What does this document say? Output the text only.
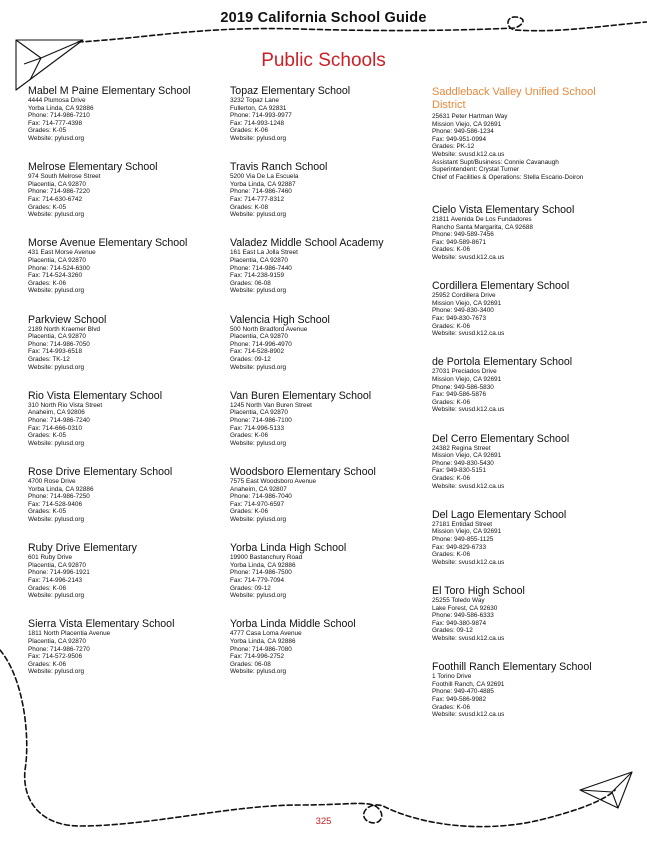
2019 California School Guide
Public Schools
Mabel M Paine Elementary School
4444 Plumosa Drive
Yorba Linda, CA 92886
Phone: 714-986-7210
Fax: 714-777-4398
Grades: K-05
Website: pylusd.org
Melrose Elementary School
974 South Melrose Street
Placentia, CA 92870
Phone: 714-986-7220
Fax: 714-630-6742
Grades: K-05
Website: pylusd.org
Morse Avenue Elementary School
431 East Morse Avenue
Placentia, CA 92870
Phone: 714-524-6300
Fax: 714-524-3260
Grades: K-06
Website: pylusd.org
Parkview School
2189 North Kraemer Blvd
Placentia, CA 92870
Phone: 714-986-7050
Fax: 714-993-6518
Grades: TK-12
Website: pylusd.org
Rio Vista Elementary School
310 North Rio Vista Street
Anaheim, CA 92806
Phone: 714-986-7240
Fax: 714-666-0310
Grades: K-05
Website: pylusd.org
Rose Drive Elementary School
4700 Rose Drive
Yorba Linda, CA 92886
Phone: 714-986-7250
Fax: 714-528-9406
Grades: K-05
Website: pylusd.org
Ruby Drive Elementary
601 Ruby Drive
Placentia, CA 92870
Phone: 714-996-1921
Fax: 714-996-2143
Grades: K-06
Website: pylusd.org
Sierra Vista Elementary School
1811 North Placentia Avenue
Placentia, CA 92870
Phone: 714-986-7270
Fax: 714-572-9506
Grades: K-06
Website: pylusd.org
Topaz Elementary School
3232 Topaz Lane
Fullerton, CA 92831
Phone: 714-993-9977
Fax: 714-993-1248
Grades: K-06
Website: pylusd.org
Travis Ranch School
5200 Via De La Escuela
Yorba Linda, CA 92887
Phone: 714-986-7460
Fax: 714-777-8312
Grades: K-08
Website: pylusd.org
Valadez Middle School Academy
161 East La Jolla Street
Placentia, CA 92870
Phone: 714-986-7440
Fax: 714-238-9159
Grades: 06-08
Website: pylusd.org
Valencia High School
500 North Bradford Avenue
Placentia, CA 92870
Phone: 714-996-4970
Fax: 714-528-8902
Grades: 09-12
Website: pylusd.org
Van Buren Elementary School
1245 North Van Buren Street
Placentia, CA 92870
Phone: 714-986-7100
Fax: 714-996-5133
Grades: K-06
Website: pylusd.org
Woodsboro Elementary School
7575 East Woodsboro Avenue
Anaheim, CA 92807
Phone: 714-986-7040
Fax: 714-970-6597
Grades: K-06
Website: pylusd.org
Yorba Linda High School
19900 Bastanchury Road
Yorba Linda, CA 92886
Phone: 714-986-7500
Fax: 714-779-7094
Grades: 09-12
Website: pylusd.org
Yorba Linda Middle School
4777 Casa Loma Avenue
Yorba Linda, CA 92886
Phone: 714-986-7080
Fax: 714-996-2752
Grades: 06-08
Website: pylusd.org
Saddleback Valley Unified School District
25631 Peter Hartman Way
Mission Viejo, CA 92691
Phone: 949-586-1234
Fax: 949-951-0994
Grades: PK-12
Website: svusd.k12.ca.us
Assistant Supt/Business: Connie Cavanaugh
Superintendent: Crystal Turner
Chief of Facilities & Operations: Stella Escario-Doiron
Cielo Vista Elementary School
21811 Avenida De Los Fundadores
Rancho Santa Margarita, CA 92688
Phone: 949-589-7456
Fax: 949-589-8671
Grades: K-06
Website: svusd.k12.ca.us
Cordillera Elementary School
25952 Cordillera Drive
Mission Viejo, CA 92691
Phone: 949-830-3400
Fax: 949-830-7673
Grades: K-06
Website: svusd.k12.ca.us
de Portola Elementary School
27031 Preciados Drive
Mission Viejo, CA 92691
Phone: 949-586-5830
Fax: 949-586-5876
Grades: K-06
Website: svusd.k12.ca.us
Del Cerro Elementary School
24382 Regina Street
Mission Viejo, CA 92691
Phone: 949-830-5430
Fax: 949-830-5151
Grades: K-06
Website: svusd.k12.ca.us
Del Lago Elementary School
27181 Entidad Street
Mission Viejo, CA 92691
Phone: 949-855-1125
Fax: 949-829-6733
Grades: K-06
Website: svusd.k12.ca.us
El Toro High School
25255 Toledo Way
Lake Forest, CA 92630
Phone: 949-586-6333
Fax: 949-380-9874
Grades: 09-12
Website: svusd.k12.ca.us
Foothill Ranch Elementary School
1 Torino Drive
Foothill Ranch, CA 92691
Phone: 949-470-4885
Fax: 949-586-9982
Grades: K-06
Website: svusd.k12.ca.us
325
